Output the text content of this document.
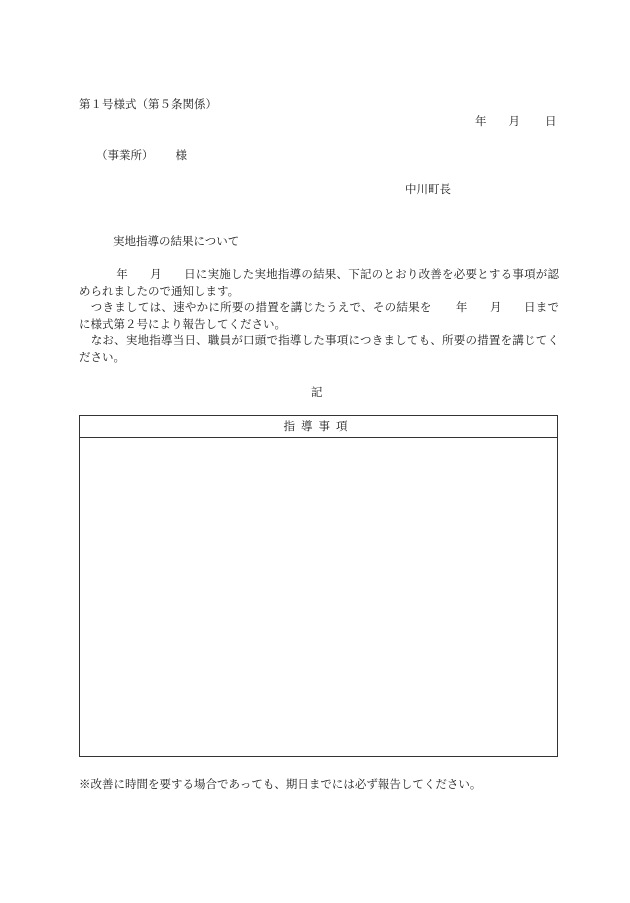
第１号様式（第５条関係）
年 月 日
（事業所） 様
中川町長
実地指導の結果について

年 月 日に実施した実地指導の結果、下記のとおり改善を必要とする事項が認められましたので通知します。

つきましては、速やかに所要の措置を講じたうえで、その結果を 年 月 日までに様式第２号により報告してください。

なお、実地指導当日、職員が口頭で指導した事項につきましても、所要の措置を講じてください。

記
指導事項
※改善に時間を要する場合であっても、期日までには必ず報告してください。
